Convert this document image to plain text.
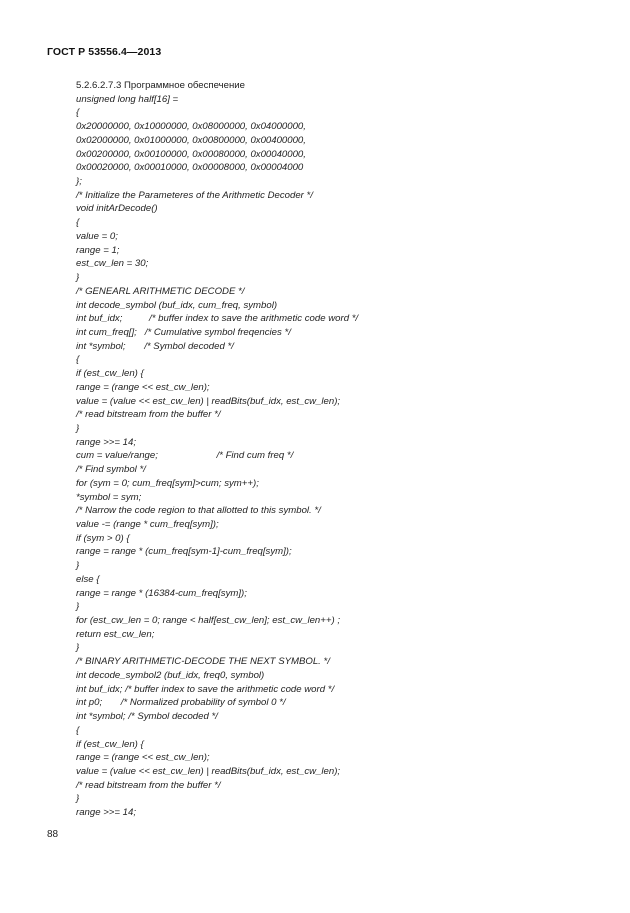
ГОСТ Р 53556.4—2013
5.2.6.2.7.3 Программное обеспечение
unsigned long half[16] =
{
0x20000000, 0x10000000, 0x08000000, 0x04000000,
0x02000000, 0x01000000, 0x00800000, 0x00400000,
0x00200000, 0x00100000, 0x00080000, 0x00040000,
0x00020000, 0x00010000, 0x00008000, 0x00004000
};
/* Initialize the Parameteres of the Arithmetic Decoder */
void initArDecode()
{
value = 0;
range = 1;
est_cw_len = 30;
}
/* GENEARL ARITHMETIC DECODE */
int decode_symbol (buf_idx, cum_freq, symbol)
int buf_idx;          /* buffer index to save the arithmetic code word */
int cum_freq[];   /* Cumulative symbol freqencies */
int *symbol;       /* Symbol decoded */
{
if (est_cw_len) {
range = (range << est_cw_len);
value = (value << est_cw_len) | readBits(buf_idx, est_cw_len);
/* read bitstream from the buffer */
}
range >>= 14;
cum = value/range;                      /* Find cum freq */
/* Find symbol */
for (sym = 0; cum_freq[sym]>cum; sym++);
*symbol = sym;
/* Narrow the code region to that allotted to this symbol. */
value -= (range * cum_freq[sym]);
if (sym > 0) {
range = range * (cum_freq[sym-1]-cum_freq[sym]);
}
else {
range = range * (16384-cum_freq[sym]);
}
for (est_cw_len = 0; range < half[est_cw_len]; est_cw_len++) ;
return est_cw_len;
}
/* BINARY ARITHMETIC-DECODE THE NEXT SYMBOL. */
int decode_symbol2 (buf_idx, freq0, symbol)
int buf_idx; /* buffer index to save the arithmetic code word */
int p0;       /* Normalized probability of symbol 0 */
int *symbol; /* Symbol decoded */
{
if (est_cw_len) {
range = (range << est_cw_len);
value = (value << est_cw_len) | readBits(buf_idx, est_cw_len);
/* read bitstream from the buffer */
}
range >>= 14;
88
